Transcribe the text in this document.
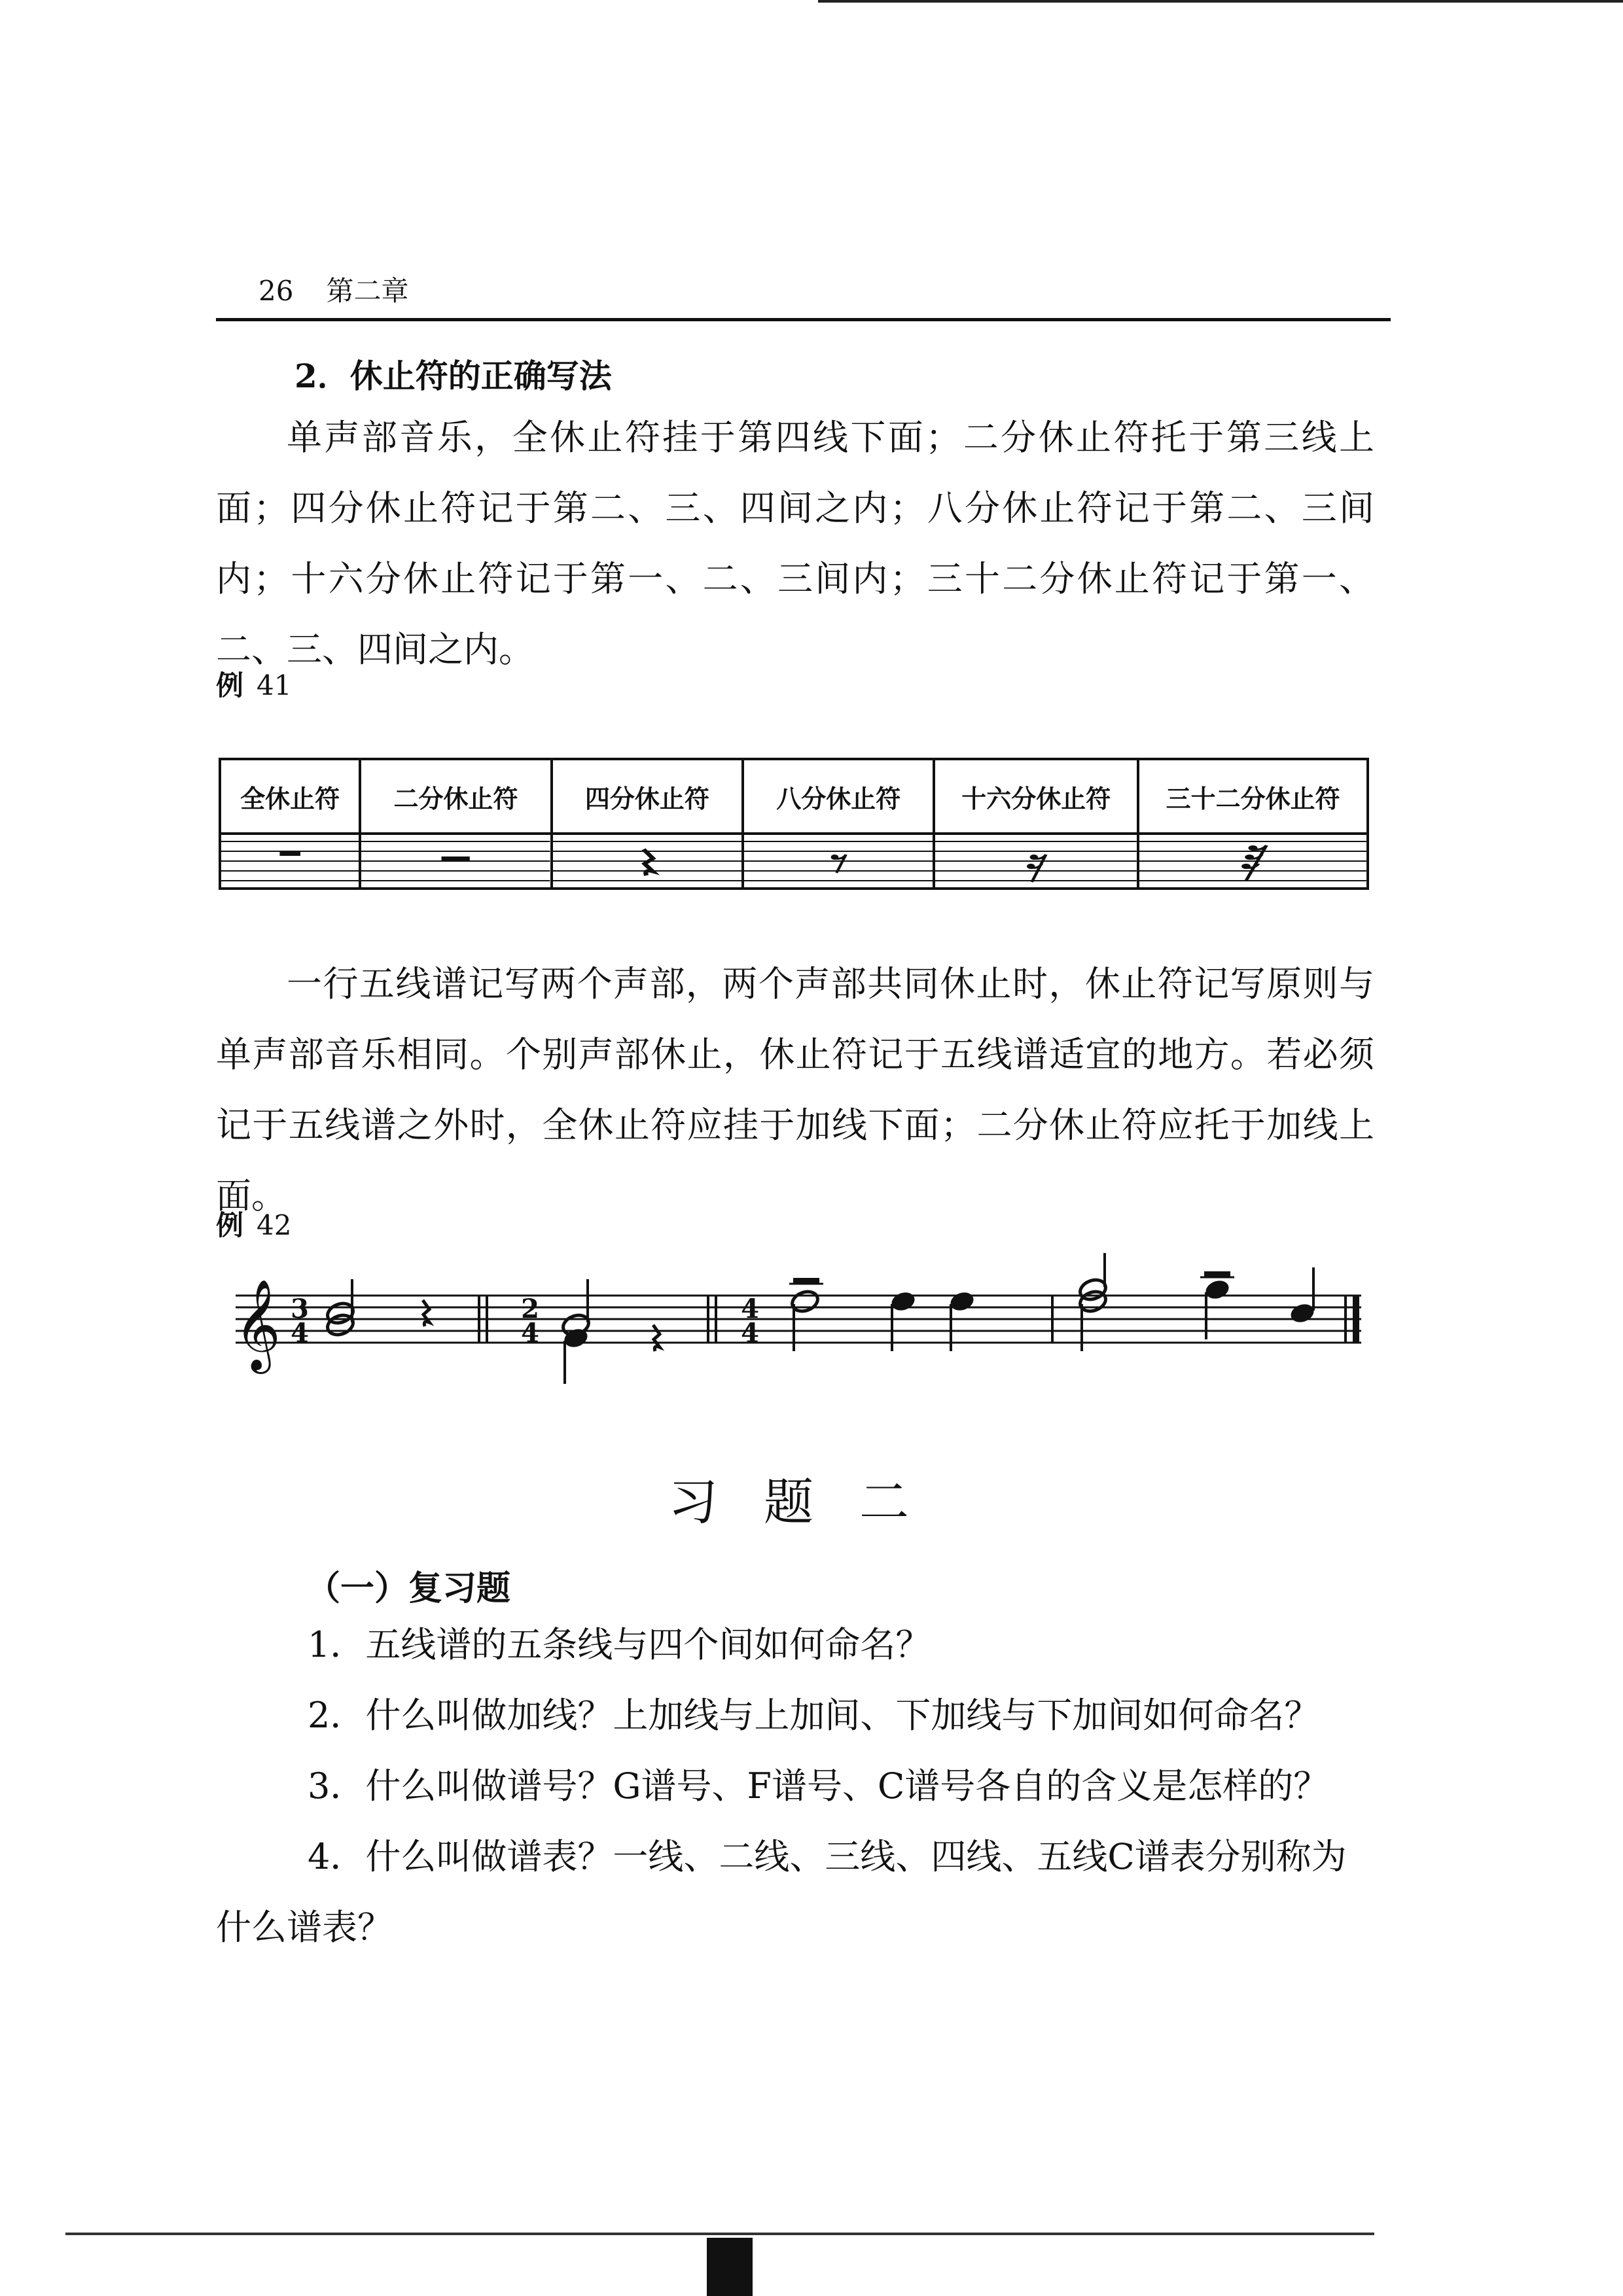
26 第二章
2．休止符的正确写法

单声部音乐，全休止符挂于第四线下面；二分休止符托于第三线上面；四分休止符记于第二、三、四间之内；八分休止符记于第二、三间内；十六分休止符记于第一、二、三间内；三十二分休止符记于第一、二、三、四间之内。

例 41
全休止符	二分休止符	四分休止符	八分休止符	十六分休止符	三十二分休止符

一行五线谱记写两个声部，两个声部共同休止时，休止符记写原则与单声部音乐相同。个别声部休止，休止符记于五线谱适宜的地方。若必须记于五线谱之外时，全休止符应挂于加线下面；二分休止符应托于加线上面。

例 42
𝄞 3
4
2
4
4
4
习题二
（一）复习题

1．五线谱的五条线与四个间如何命名？

2．什么叫做加线？上加线与上加间、下加线与下加间如何命名？

3．什么叫做谱号？G谱号、F谱号、C谱号各自的含义是怎样的？

4．什么叫做谱表？一线、二线、三线、四线、五线C谱表分别称为什么谱表？
